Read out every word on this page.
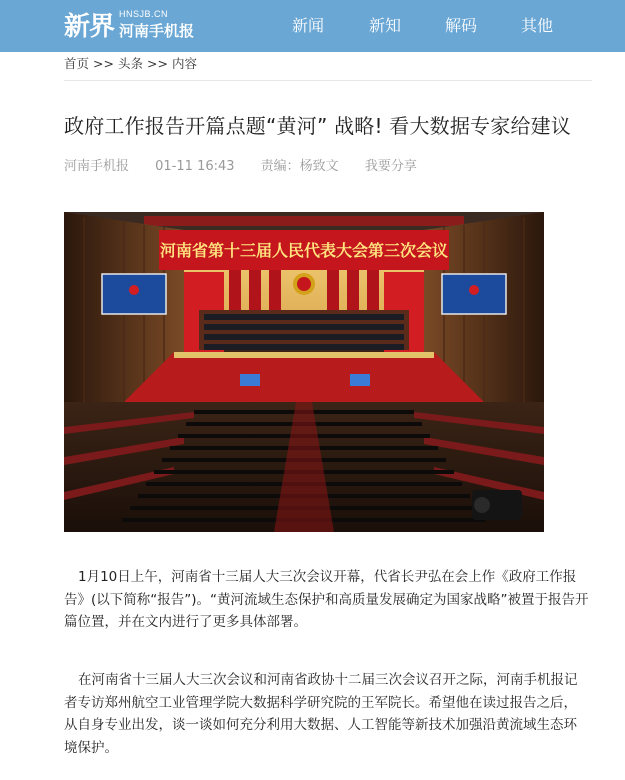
新界 HNSJB.CN
河南手机报	新闻	新知	解码	其他
首页 >> 头条 >> 内容
政府工作报告开篇点题“黄河” 战略! 看大数据专家给建议
河南手机报 01-11 16:43 责编：杨致文 我要分享
河南省第十三届人民代表大会第三次会议

1月10日上午，河南省十三届人大三次会议开幕，代省长尹弘在会上作《政府工作报告》(以下简称“报告”)。“黄河流域生态保护和高质量发展确定为国家战略”被置于报告开篇位置，并在文内进行了更多具体部署。

在河南省十三届人大三次会议和河南省政协十二届三次会议召开之际，河南手机报记者专访郑州航空工业管理学院大数据科学研究院的王军院长。希望他在读过报告之后，从自身专业出发，谈一谈如何充分利用大数据、人工智能等新技术加强沿黄流域生态环境保护。
